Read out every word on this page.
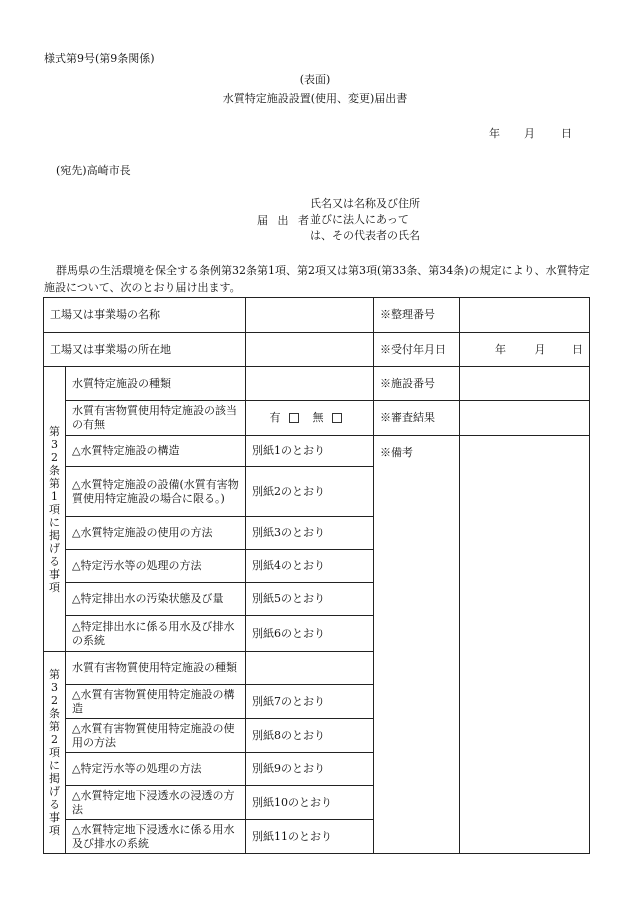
様式第9号(第9条関係)
(表面)
水質特定施設設置(使用、変更)届出書
年 月 日
(宛先)高崎市長
届 出 者
氏名又は名称及び住所
並びに法人にあって
は、その代表者の氏名
群馬県の生活環境を保全する条例第32条第1項、第2項又は第3項(第33条、第34条)の規定により、水質特定施設について、次のとおり届け出ます。
工場又は事業場の名称			※整理番号	
工場又は事業場の所在地			※受付年月日	年 月 日

第32条第1項に掲げる事項	水質特定施設の種類		※施設番号	
	水質有害物質使用特定施設の該当の有無	有 無	※審査結果	
	△水質特定施設の構造	別紙1のとおり	※備考	
	△水質特定施設の設備(水質有害物質使用特定施設の場合に限る。)	別紙2のとおり		
	△水質特定施設の使用の方法	別紙3のとおり		
	△特定汚水等の処理の方法	別紙4のとおり		
	△特定排出水の汚染状態及び量	別紙5のとおり		
	△特定排出水に係る用水及び排水の系統	別紙6のとおり		

第32条第2項に掲げる事項	水質有害物質使用特定施設の種類			
	△水質有害物質使用特定施設の構造	別紙7のとおり		
	△水質有害物質使用特定施設の使用の方法	別紙8のとおり		
	△特定汚水等の処理の方法	別紙9のとおり		
	△水質特定地下浸透水の浸透の方法	別紙10のとおり		
	△水質特定地下浸透水に係る用水及び排水の系統	別紙11のとおり		
